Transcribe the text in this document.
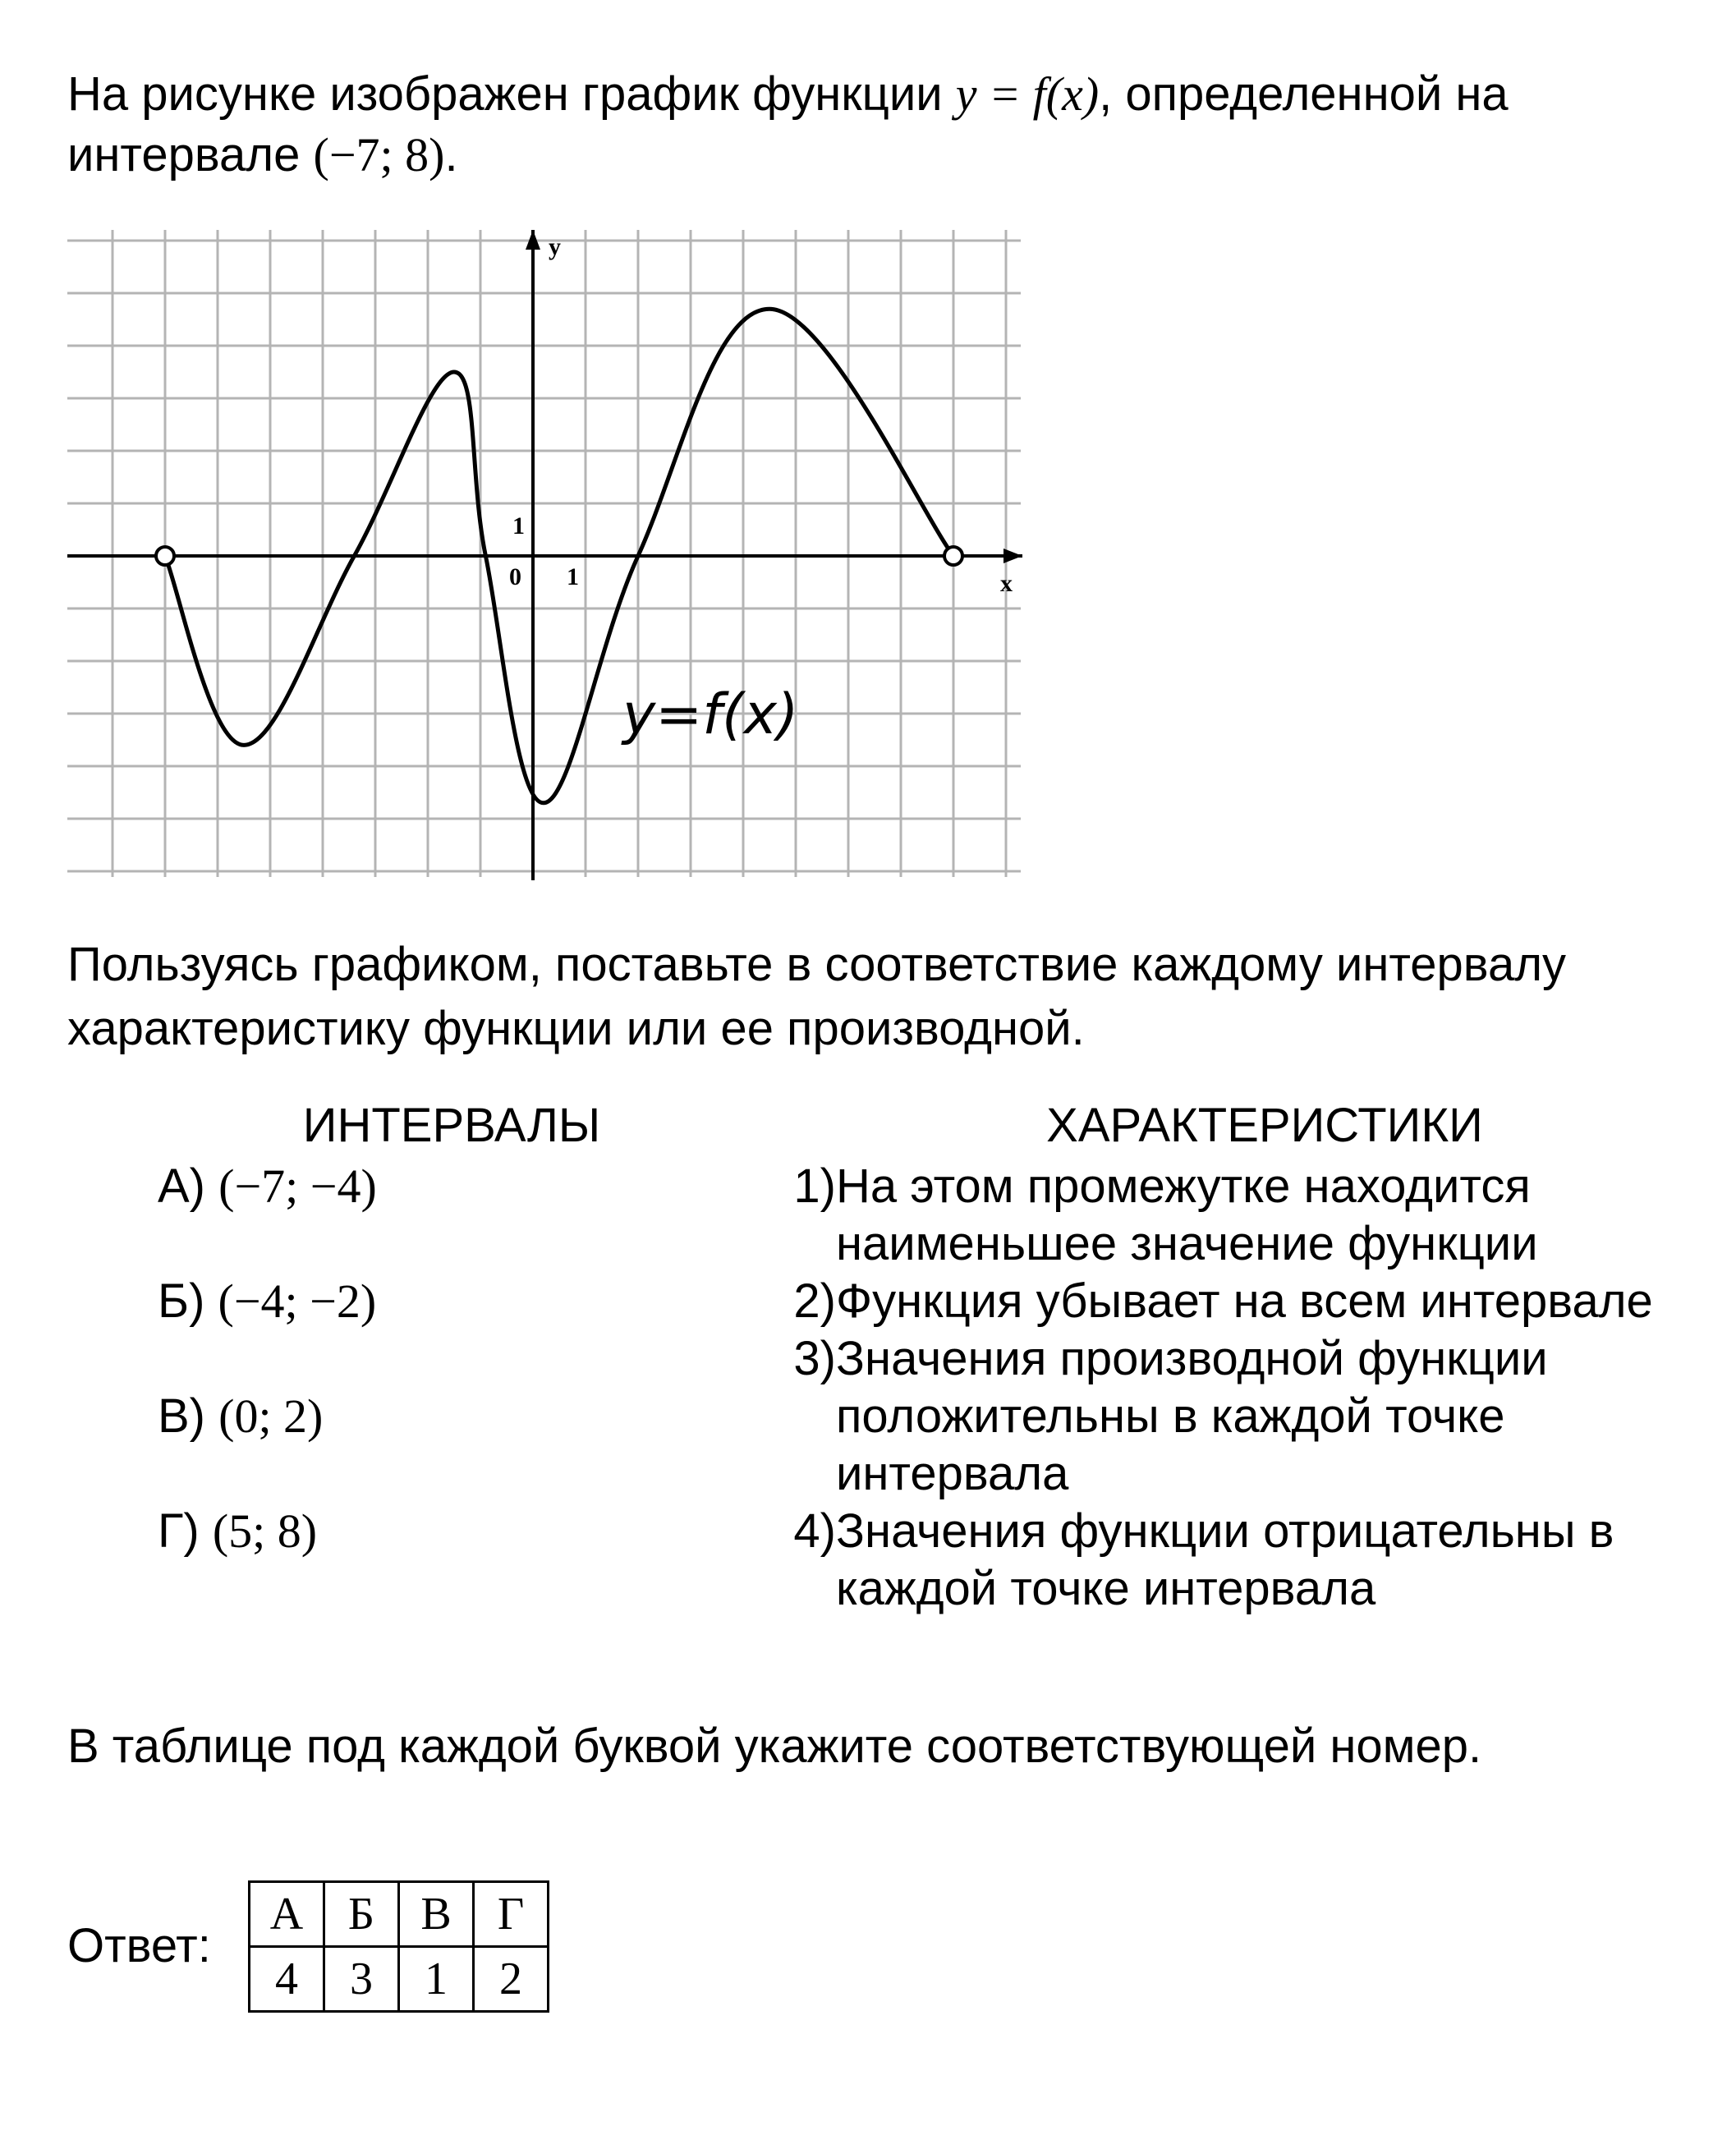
На рисунке изображен график функции y = f(x), определенной на интервале (−7; 8).
y
x
0 1
1
y=f(x)
Пользуясь графиком, поставьте в соответствие каждому интервалу характеристику функции или ее производной.
ИНТЕРВАЛЫ	ХАРАКТЕРИСТИКИ
А) (−7; −4)
Б) (−4; −2)
В) (0; 2)
Г) (5; 8)
1) На этом промежутке находится наименьшее значение функции
2) Функция убывает на всем интервале
3) Значения производной функции положительны в каждой точке интервала
4) Значения функции отрицательны в каждой точке интервала
В таблице под каждой буквой укажите соответствующей номер.
Ответ:
А	Б	В	Г
4	3	1	2
